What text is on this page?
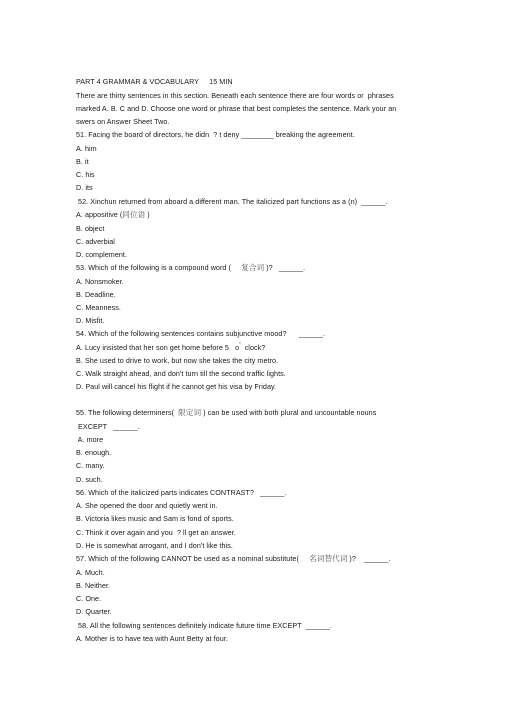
PART 4 GRAMMAR & VOCABULARY     15 MIN
There are thirty sentences in this section. Beneath each sentence there are four words or  phrases
marked A. B. C and D. Choose one word or phrase that best completes the sentence. Mark your an
swers on Answer Sheet Two.
51. Facing the board of directors, he didn  ? t deny ________ breaking the agreement.
A. him
B. it
C. his
D. its
52. Xinchun returned from aboard a different man. The italicized part functions as a (n)  ______.
A. appositive (同位语 )
B. object
C. adverbial
D. complement.
53. Which of the following is a compound word ( 复合词 )?   ______.
A. Nonsmoker.
B. Deadline.
C. Meanness.
D. Misfit.
54. Which of the following sentences contains subjunctive mood?      ______.
A. Lucy insisted that her son get home before 5   o’  clock?
B. She used to drive to work, but now she takes the city metro.
C. Walk straight ahead, and don't turn till the second traffic lights.
D. Paul will cancel his flight if he cannot get his visa by Friday.
55. The following determiners( 限定词 ) can be used with both plural and uncountable nouns
EXCEPT   ______.
A. more
B. enough.
C. many.
D. such.
56. Which of the italicized parts indicates CONTRAST?   ______.
A. She opened the door and quietly went in.
B. Victoria likes music and Sam is fond of sports.
C. Think it over again and you  ? ll get an answer.
D. He is somewhat arrogant, and I don't like this.
57. Which of the following CANNOT be used as a nominal substitute( 名词替代词 )?    ______.
A. Much.
B. Neither.
C. One.
D. Quarter.
58. All the following sentences definitely indicate future time EXCEPT  ______.
A. Mother is to have tea with Aunt Betty at four.
